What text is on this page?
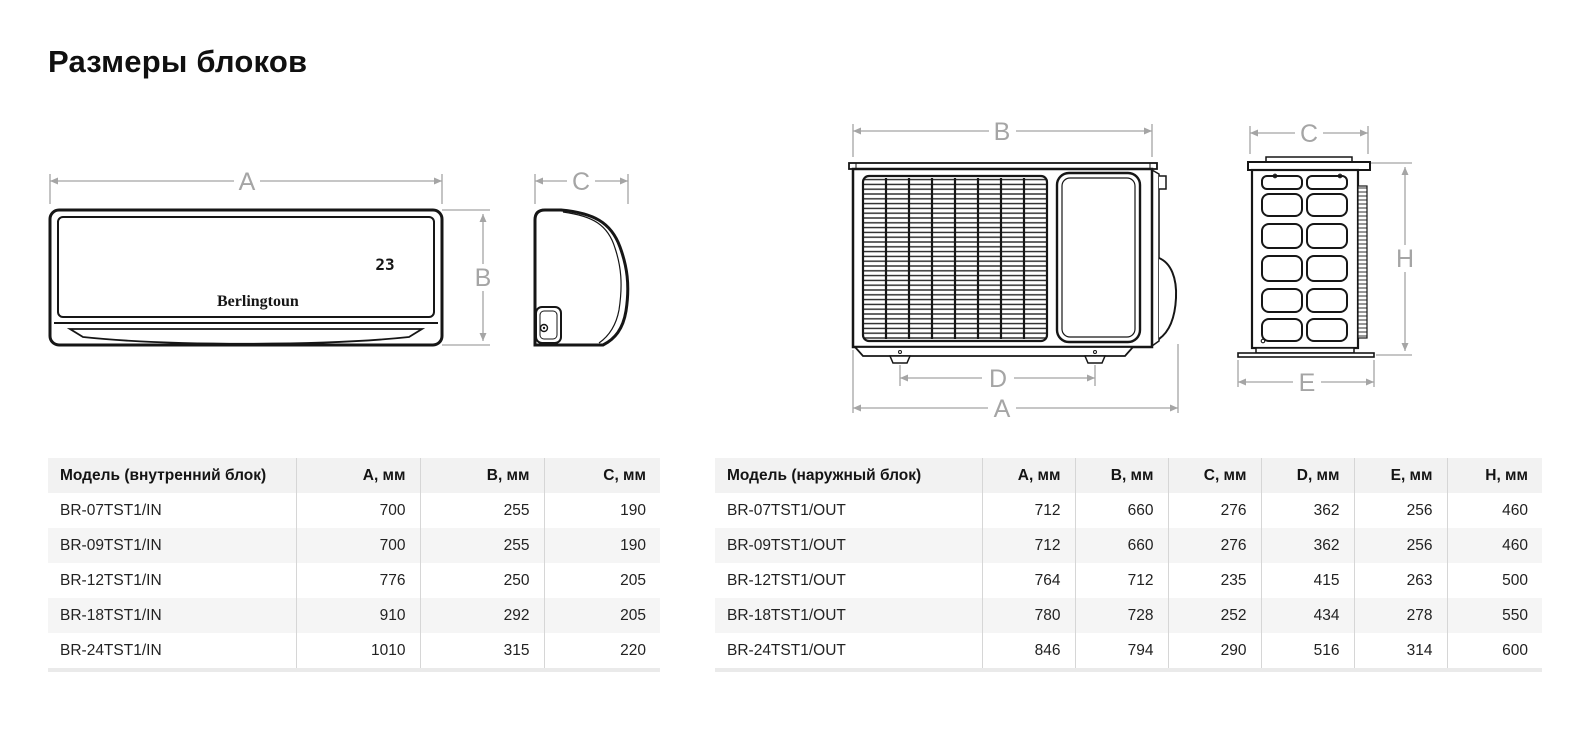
Размеры блоков
A
23
Berlingtoun
B
C
B
D
A
C
H
E
Модель (внутренний блок)	А, мм	В, мм	С, мм
BR-07TST1/IN	700	255	190
BR-09TST1/IN	700	255	190
BR-12TST1/IN	776	250	205
BR-18TST1/IN	910	292	205
BR-24TST1/IN	1010	315	220
Модель (наружный блок)	А, мм	В, мм	С, мм	D, мм	Е, мм	Н, мм
BR-07TST1/OUT	712	660	276	362	256	460
BR-09TST1/OUT	712	660	276	362	256	460
BR-12TST1/OUT	764	712	235	415	263	500
BR-18TST1/OUT	780	728	252	434	278	550
BR-24TST1/OUT	846	794	290	516	314	600
